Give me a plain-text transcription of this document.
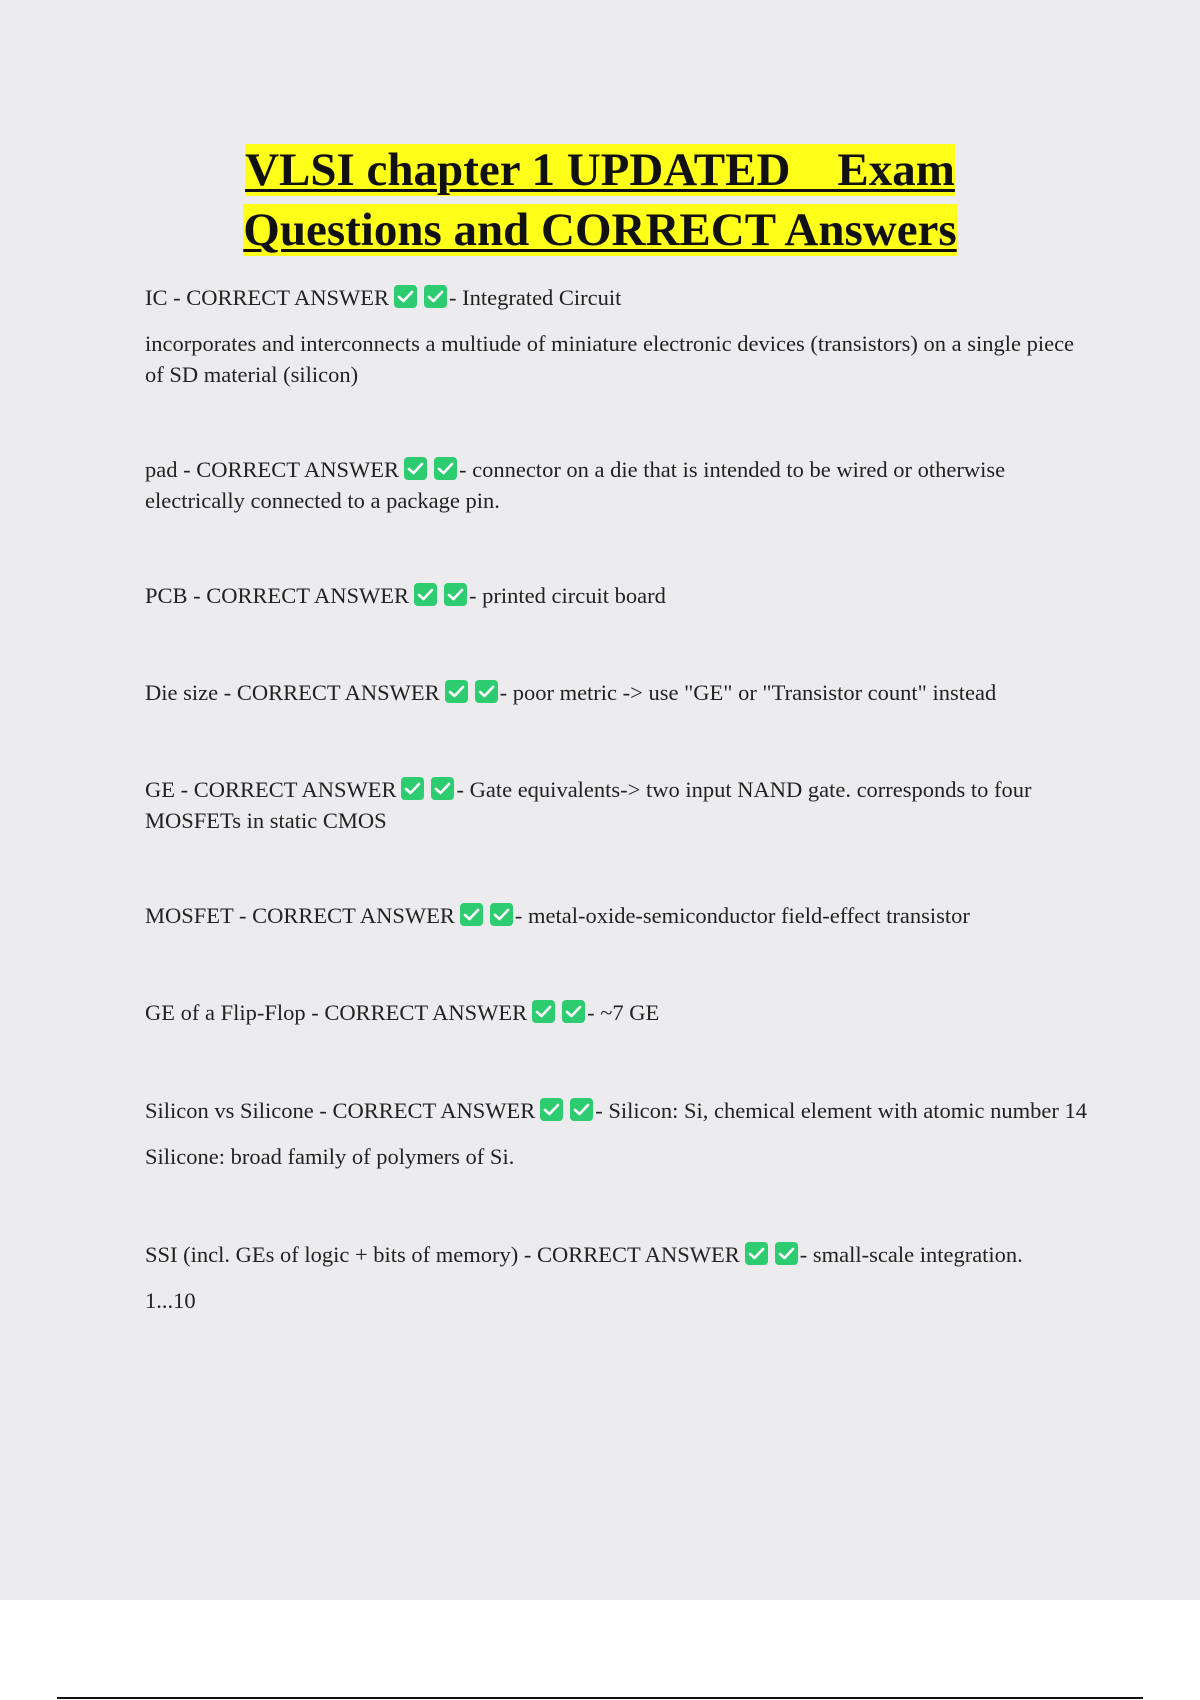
VLSI chapter 1 UPDATED    Exam
Questions and CORRECT Answers

IC - CORRECT ANSWER	- Integrated Circuit

incorporates and interconnects a multiude of miniature electronic devices (transistors) on a single piece of SD material (silicon)

pad - CORRECT ANSWER	- connector on a die that is intended to be wired or otherwise electrically connected to a package pin.

PCB - CORRECT ANSWER	- printed circuit board

Die size - CORRECT ANSWER	- poor metric -> use "GE" or "Transistor count" instead

GE - CORRECT ANSWER	- Gate equivalents-> two input NAND gate. corresponds to four MOSFETs in static CMOS

MOSFET - CORRECT ANSWER	- metal-oxide-semiconductor field-effect transistor

GE of a Flip-Flop - CORRECT ANSWER	- ~7 GE

Silicon vs Silicone - CORRECT ANSWER	- Silicon: Si, chemical element with atomic number 14

Silicone: broad family of polymers of Si.

SSI (incl. GEs of logic + bits of memory) - CORRECT ANSWER	- small-scale integration.

1...10
